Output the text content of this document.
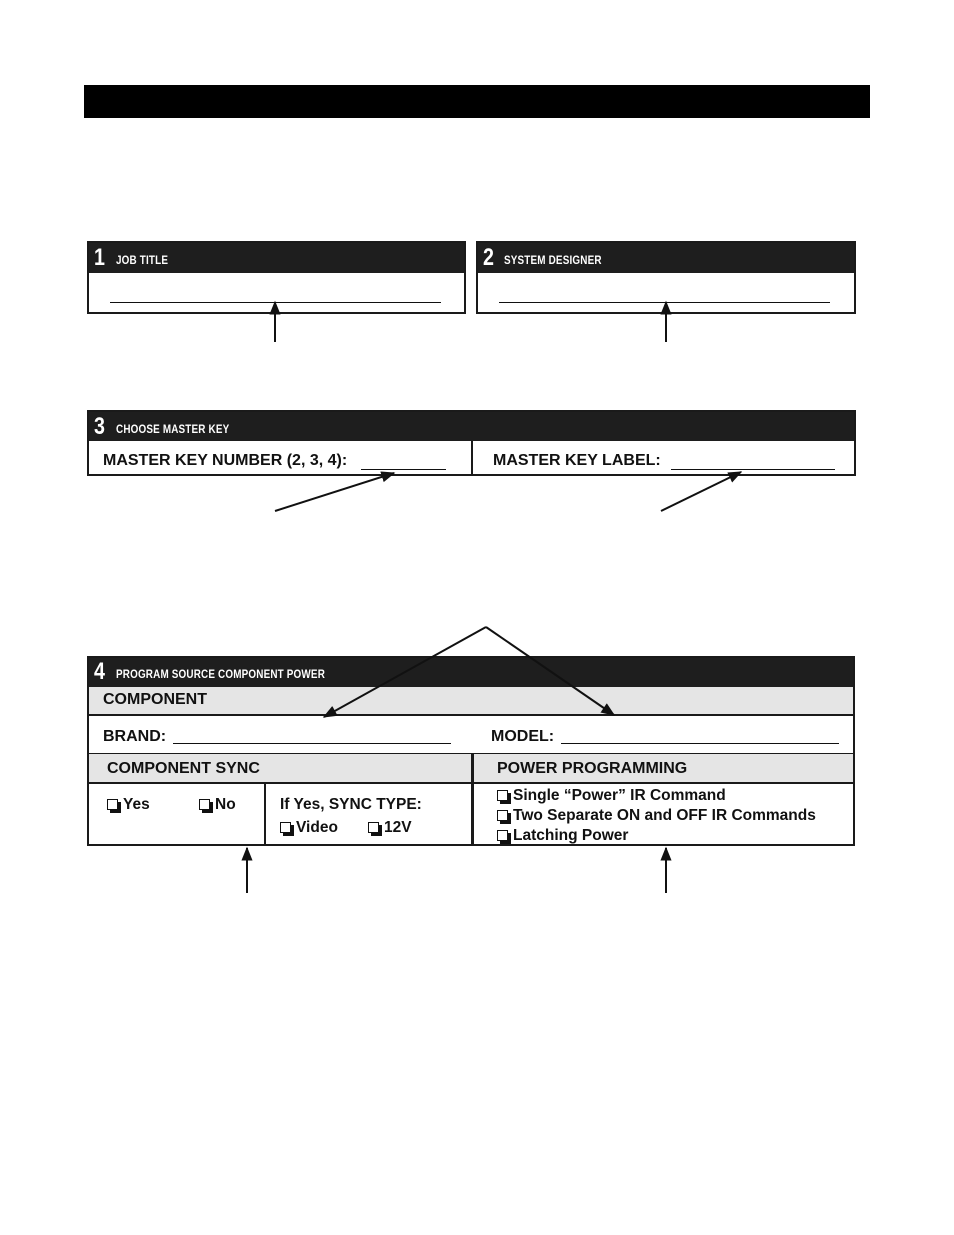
1 JOB TITLE	2 SYSTEM DESIGNER
3 CHOOSE MASTER KEY
MASTER KEY NUMBER (2, 3, 4):	MASTER KEY LABEL:
4 PROGRAM SOURCE COMPONENT POWER
COMPONENT
BRAND:	MODEL:
COMPONENT SYNC	POWER PROGRAMMING
Yes	No	If Yes, SYNC TYPE:
Video	12V
Single “Power” IR Command
Two Separate ON and OFF IR Commands
Latching Power
